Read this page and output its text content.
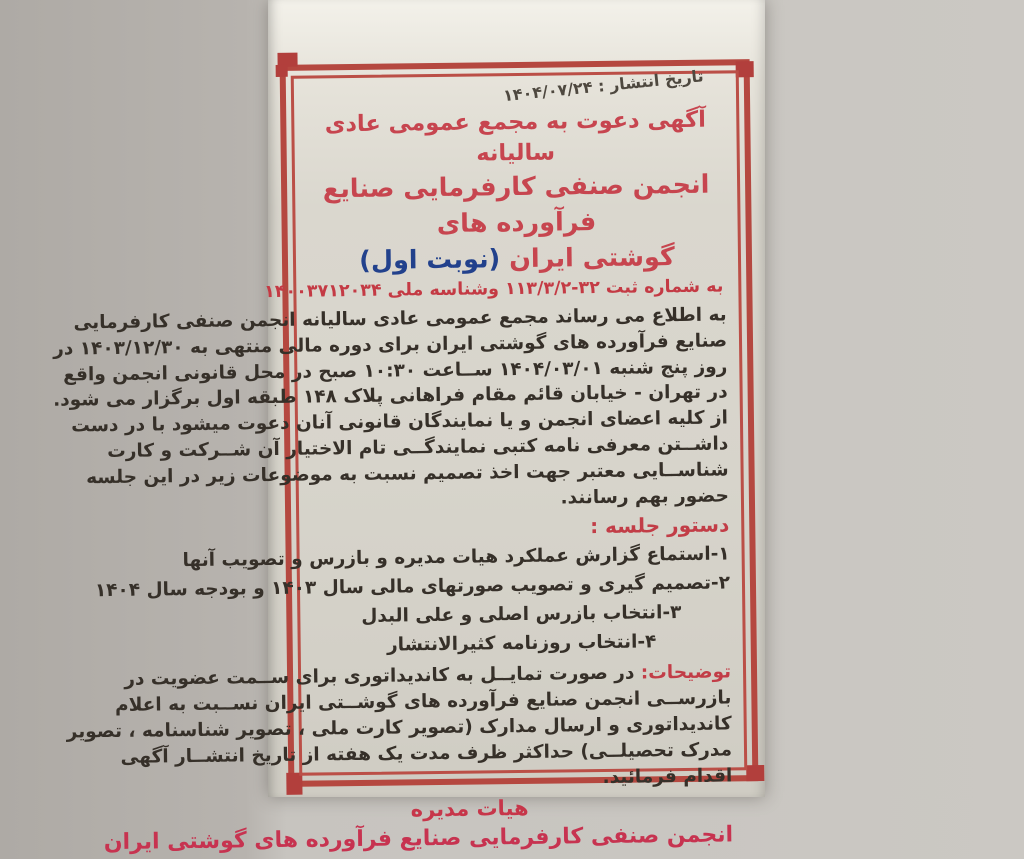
تاریخ انتشار : ۱۴۰۴/۰۷/۲۴
آگهی دعوت به مجمع عمومی عادی سالیانه
انجمن صنفی کارفرمایی صنایع فرآورده های
گوشتی ایران (نوبت اول)
به شماره ثبت۱۱۳/۳/۲-۳۲وشناسه ملی۱۴۰۰۳۷۱۲۰۳۴
به اطلاع می رساند مجمع عمومی عادی سالیانه انجمن صنفی کارفرمایی
صنایع فرآورده های گوشتی ایران برای دوره مالی منتهی به ۱۴۰۳/۱۲/۳۰ در
روز پنج شنبه ۱۴۰۴/۰۳/۰۱ ســاعت ۱۰:۳۰ صبح در محل قانونی انجمن واقع
در تهران - خیابان قائم مقام فراهانی پلاک ۱۴۸ طبقه اول برگزار می شود.
از کلیه اعضای انجمن و یا نمایندگان قانونی آنان دعوت میشود با در دست
داشــتن معرفی نامه کتبی نمایندگــی تام الاختیار آن شــرکت و کارت
شناســایی معتبر جهت اخذ تصمیم نسبت به موضوعات زیر در این جلسه
حضور بهم رسانند.
دستور جلسه :
۱-استماع گزارش عملکرد هیات مدیره و بازرس و تصویب آنها
۲-تصمیم گیری و تصویب صورتهای مالی سال ۱۴۰۳ و بودجه سال ۱۴۰۴
۳-انتخاب بازرس اصلی و علی البدل
۴-انتخاب روزنامه کثیرالانتشار
توضیحات: در صورت تمایــل به کاندیداتوری برای ســمت عضویت در
بازرســی انجمن صنایع فرآورده های گوشــتی ایران نســبت به اعلام
کاندیداتوری و ارسال مدارک (تصویر کارت ملی ، تصویر شناسنامه ، تصویر
مدرک تحصیلــی) حداکثر ظرف مدت یک هفته از تاریخ انتشــار آگهی
اقدام فرمائید.
هیات مدیره
انجمن صنفی کارفرمایی صنایع فرآورده های گوشتی ایران
